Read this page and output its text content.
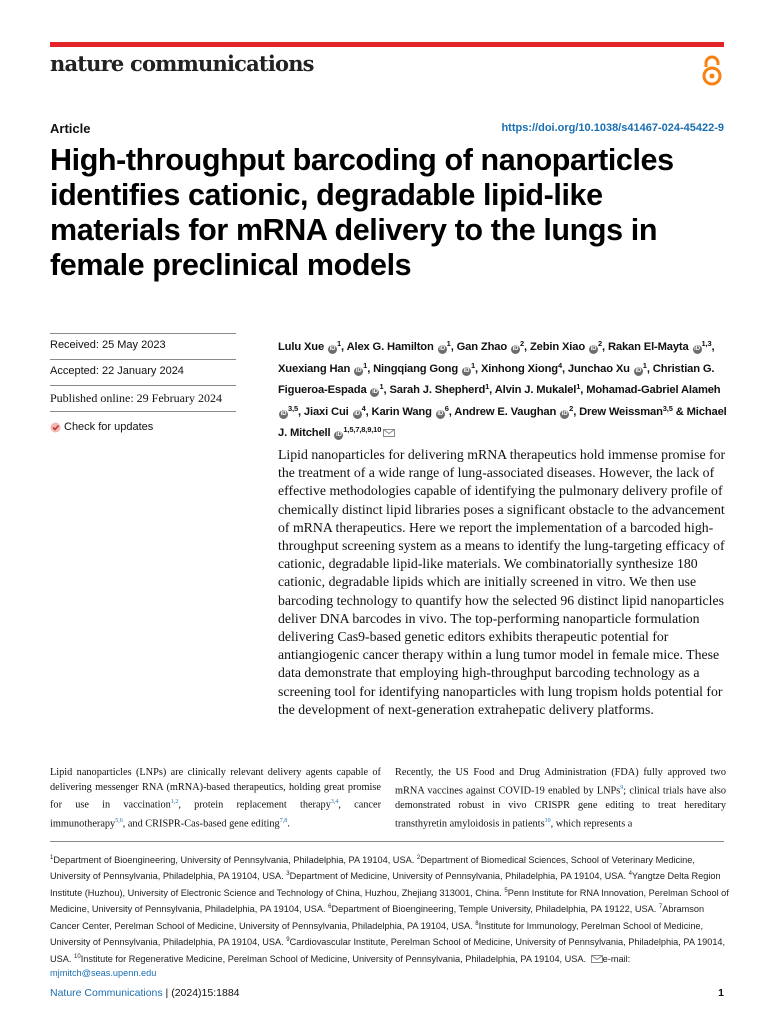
nature communications
Article	https://doi.org/10.1038/s41467-024-45422-9
High-throughput barcoding of nanoparticles identifies cationic, degradable lipid-like materials for mRNA delivery to the lungs in female preclinical models
Received: 25 May 2023
Accepted: 22 January 2024
Published online: 29 February 2024
Check for updates

Lulu Xue iD$^1$, Alex G. Hamilton iD$^1$, Gan Zhao iD$^2$, Zebin Xiao iD$^2$, Rakan El-Mayta iD$^{1,3}$, Xuexiang Han iD$^1$, Ningqiang Gong iD$^1$, Xinhong Xiong$^4$, Junchao Xu iD$^1$, Christian G. Figueroa-Espada iD$^1$, Sarah J. Shepherd$^1$, Alvin J. Mukalel$^1$, Mohamad-Gabriel Alameh iD$^{3,5}$, Jiaxi Cui iD$^4$, Karin Wang iD$^6$, Andrew E. Vaughan iD$^2$, Drew Weissman$^{3,5}$ & Michael J. Mitchell iD$^{1,5,7,8,9,10}$

Lipid nanoparticles for delivering mRNA therapeutics hold immense promise for the treatment of a wide range of lung-associated diseases. However, the lack of effective methodologies capable of identifying the pulmonary delivery profile of chemically distinct lipid libraries poses a significant obstacle to the advancement of mRNA therapeutics. Here we report the implementation of a barcoded high-throughput screening system as a means to identify the lung-targeting efficacy of cationic, degradable lipid-like materials. We combinatorially synthesize 180 cationic, degradable lipids which are initially screened in vitro. We then use barcoding technology to quantify how the selected 96 distinct lipid nanoparticles deliver DNA barcodes in vivo. The top-performing nanoparticle formulation delivering Cas9-based genetic editors exhibits therapeutic potential for antiangiogenic cancer therapy within a lung tumor model in female mice. These data demonstrate that employing high-throughput barcoding technology as a screening tool for identifying nanoparticles with lung tropism holds potential for the development of next-generation extrahepatic delivery platforms.

Lipid nanoparticles (LNPs) are clinically relevant delivery agents capable of delivering messenger RNA (mRNA)-based therapeutics, holding great promise for use in vaccination$^{1,2}$, protein replacement therapy$^{3,4}$, cancer immunotherapy$^{5,6}$, and CRISPR-Cas-based gene editing$^{7,8}$.

Recently, the US Food and Drug Administration (FDA) fully approved two mRNA vaccines against COVID-19 enabled by LNPs$^9$; clinical trials have also demonstrated robust in vivo CRISPR gene editing to treat hereditary transthyretin amyloidosis in patients$^{10}$, which represents a

$^1$Department of Bioengineering, University of Pennsylvania, Philadelphia, PA 19104, USA. $^2$Department of Biomedical Sciences, School of Veterinary Medicine, University of Pennsylvania, Philadelphia, PA 19104, USA. $^3$Department of Medicine, University of Pennsylvania, Philadelphia, PA 19104, USA. $^4$Yangtze Delta Region Institute (Huzhou), University of Electronic Science and Technology of China, Huzhou, Zhejiang 313001, China. $^5$Penn Institute for RNA Innovation, Perelman School of Medicine, University of Pennsylvania, Philadelphia, PA 19104, USA. $^6$Department of Bioengineering, Temple University, Philadelphia, PA 19122, USA. $^7$Abramson Cancer Center, Perelman School of Medicine, University of Pennsylvania, Philadelphia, PA 19104, USA. $^8$Institute for Immunology, Perelman School of Medicine, University of Pennsylvania, Philadelphia, PA 19104, USA. $^9$Cardiovascular Institute, Perelman School of Medicine, University of Pennsylvania, Philadelphia, PA 19014, USA. $^{10}$Institute for Regenerative Medicine, Perelman School of Medicine, University of Pennsylvania, Philadelphia, PA 19104, USA. e-mail: mjmitch@seas.upenn.edu

Nature Communications | (2024)15:1884	1
